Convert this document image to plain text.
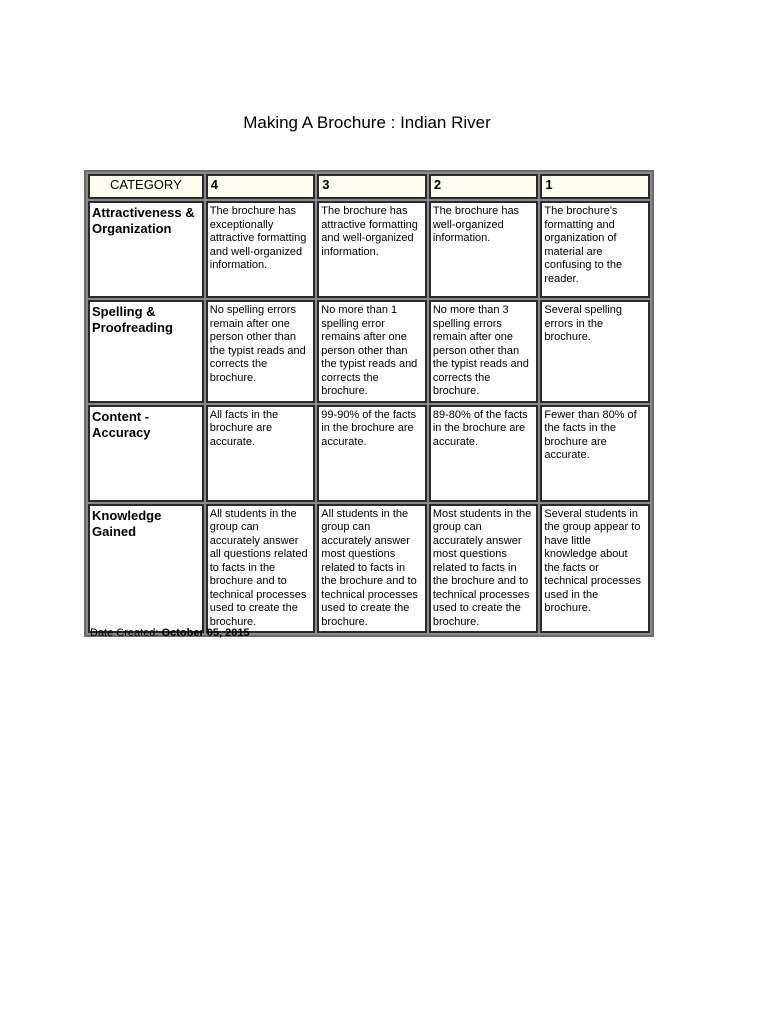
Making A Brochure : Indian River
CATEGORY	4	3	2	1
Attractiveness & Organization	The brochure has exceptionally attractive formatting and well-organized information.	The brochure has attractive formatting and well-organized information.	The brochure has well-organized information.	The brochure's formatting and organization of material are confusing to the reader.
Spelling & Proofreading	No spelling errors remain after one person other than the typist reads and corrects the brochure.	No more than 1 spelling error remains after one person other than the typist reads and corrects the brochure.	No more than 3 spelling errors remain after one person other than the typist reads and corrects the brochure.	Several spelling errors in the brochure.
Content - Accuracy	All facts in the brochure are accurate.	99-90% of the facts in the brochure are accurate.	89-80% of the facts in the brochure are accurate.	Fewer than 80% of the facts in the brochure are accurate.
Knowledge Gained	All students in the group can accurately answer all questions related to facts in the brochure and to technical processes used to create the brochure.	All students in the group can accurately answer most questions related to facts in the brochure and to technical processes used to create the brochure.	Most students in the group can accurately answer most questions related to facts in the brochure and to technical processes used to create the brochure.	Several students in the group appear to have little knowledge about the facts or technical processes used in the brochure.
Date Created: October 05, 2015
